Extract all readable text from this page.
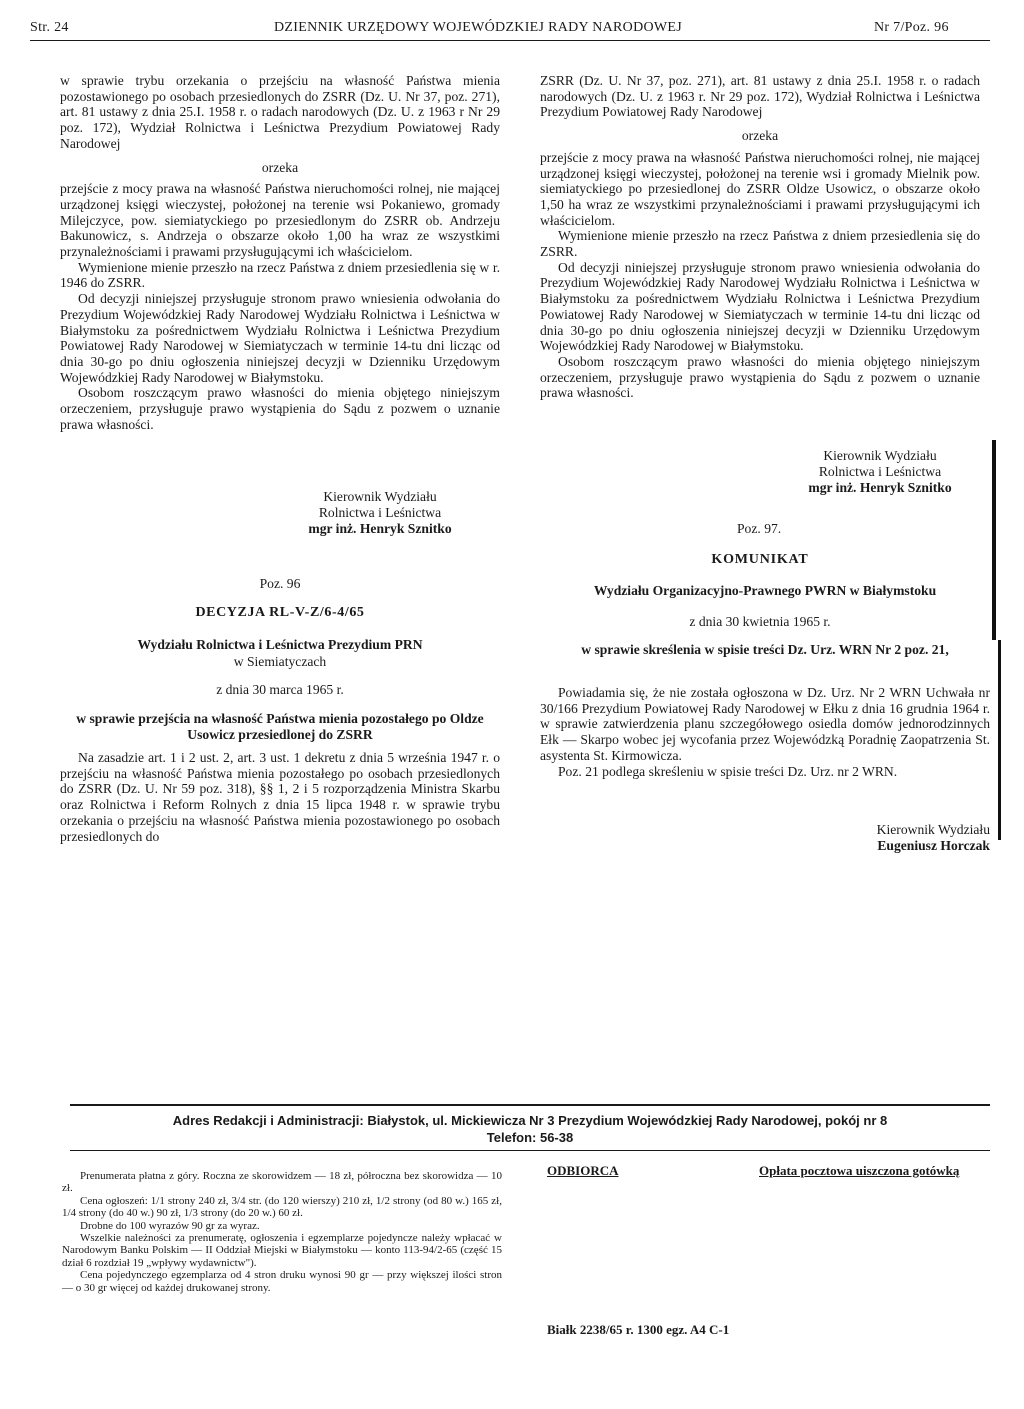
Str. 24	DZIENNIK URZĘDOWY WOJEWÓDZKIEJ RADY NARODOWEJ	Nr 7/Poz. 96

w sprawie trybu orzekania o przejściu na własność Państwa mienia pozostawionego po osobach przesiedlonych do ZSRR (Dz. U. Nr 37, poz. 271), art. 81 ustawy z dnia 25.I. 1958 r. o radach narodowych (Dz. U. z 1963 r Nr 29 poz. 172), Wydział Rolnictwa i Leśnictwa Prezydium Powiatowej Rady Narodowej

orzeka

przejście z mocy prawa na własność Państwa nieruchomości rolnej, nie mającej urządzonej księgi wieczystej, położonej na terenie wsi Pokaniewo, gromady Milejczyce, pow. siemiatyckiego po przesiedlonym do ZSRR ob. Andrzeju Bakunowicz, s. Andrzeja o obszarze około 1,00 ha wraz ze wszystkimi przynależnościami i prawami przysługującymi ich właścicielom.

Wymienione mienie przeszło na rzecz Państwa z dniem przesiedlenia się w r. 1946 do ZSRR.

Od decyzji niniejszej przysługuje stronom prawo wniesienia odwołania do Prezydium Wojewódzkiej Rady Narodowej Wydziału Rolnictwa i Leśnictwa w Białymstoku za pośrednictwem Wydziału Rolnictwa i Leśnictwa Prezydium Powiatowej Rady Narodowej w Siemiatyczach w terminie 14-tu dni licząc od dnia 30-go po dniu ogłoszenia niniejszej decyzji w Dzienniku Urzędowym Wojewódzkiej Rady Narodowej w Białymstoku.

Osobom roszczącym prawo własności do mienia objętego niniejszym orzeczeniem, przysługuje prawo wystąpienia do Sądu z pozwem o uznanie prawa własności.

Kierownik Wydziału
Rolnictwa i Leśnictwa
mgr inż. Henryk Sznitko
Poz. 96
DECYZJA RL-V-Z/6-4/65
Wydziału Rolnictwa i Leśnictwa Prezydium PRN
w Siemiatyczach
z dnia 30 marca 1965 r.
w sprawie przejścia na własność Państwa mienia pozostałego po Oldze Usowicz przesiedlonej do ZSRR
Na zasadzie art. 1 i 2 ust. 2, art. 3 ust. 1 dekretu z dnia 5 września 1947 r. o przejściu na własność Państwa mienia pozostałego po osobach przesiedlonych do ZSRR (Dz. U. Nr 59 poz. 318), §§ 1, 2 i 5 rozporządzenia Ministra Skarbu oraz Rolnictwa i Reform Rolnych z dnia 15 lipca 1948 r. w sprawie trybu orzekania o przejściu na własność Państwa mienia pozostawionego po osobach przesiedlonych do

ZSRR (Dz. U. Nr 37, poz. 271), art. 81 ustawy z dnia 25.I. 1958 r. o radach narodowych (Dz. U. z 1963 r. Nr 29 poz. 172), Wydział Rolnictwa i Leśnictwa Prezydium Powiatowej Rady Narodowej

orzeka

przejście z mocy prawa na własność Państwa nieruchomości rolnej, nie mającej urządzonej księgi wieczystej, położonej na terenie wsi i gromady Mielnik pow. siemiatyckiego po przesiedlonej do ZSRR Oldze Usowicz, o obszarze około 1,50 ha wraz ze wszystkimi przynależnościami i prawami przysługującymi ich właścicielom.

Wymienione mienie przeszło na rzecz Państwa z dniem przesiedlenia się do ZSRR.

Od decyzji niniejszej przysługuje stronom prawo wniesienia odwołania do Prezydium Wojewódzkiej Rady Narodowej Wydziału Rolnictwa i Leśnictwa w Białymstoku za pośrednictwem Wydziału Rolnictwa i Leśnictwa Prezydium Powiatowej Rady Narodowej w Siemiatyczach w terminie 14-tu dni licząc od dnia 30-go po dniu ogłoszenia niniejszej decyzji w Dzienniku Urzędowym Wojewódzkiej Rady Narodowej w Białymstoku.

Osobom roszczącym prawo własności do mienia objętego niniejszym orzeczeniem, przysługuje prawo wystąpienia do Sądu z pozwem o uznanie prawa własności.

Kierownik Wydziału
Rolnictwa i Leśnictwa
mgr inż. Henryk Sznitko
Poz. 97.
KOMUNIKAT
Wydziału Organizacyjno-Prawnego PWRN w Białymstoku
z dnia 30 kwietnia 1965 r.
w sprawie skreślenia w spisie treści Dz. Urz. WRN Nr 2 poz. 21,

Powiadamia się, że nie została ogłoszona w Dz. Urz. Nr 2 WRN Uchwała nr 30/166 Prezydium Powiatowej Rady Narodowej w Ełku z dnia 16 grudnia 1964 r. w sprawie zatwierdzenia planu szczegółowego osiedla domów jednorodzinnych Ełk — Skarpo wobec jej wycofania przez Wojewódzką Poradnię Zaopatrzenia St. asystenta St. Kirmowicza.

Poz. 21 podlega skreśleniu w spisie treści Dz. Urz. nr 2 WRN.

Kierownik Wydziału
Eugeniusz Horczak
Adres Redakcji i Administracji: Białystok, ul. Mickiewicza Nr 3 Prezydium Wojewódzkiej Rady Narodowej, pokój nr 8
Telefon: 56-38
Prenumerata płatna z góry. Roczna ze skorowidzem — 18 zł, półroczna bez skorowidza — 10 zł.
Cena ogłoszeń: 1/1 strony 240 zł, 3/4 str. (do 120 wierszy) 210 zł, 1/2 strony (od 80 w.) 165 zł, 1/4 strony (do 40 w.) 90 zł, 1/3 strony (do 20 w.) 60 zł.
Drobne do 100 wyrazów 90 gr za wyraz.
Wszelkie należności za prenumeratę, ogłoszenia i egzemplarze pojedyncze należy wpłacać w Narodowym Banku Polskim — II Oddział Miejski w Białymstoku — konto 113-94/2-65 (część 15 dział 6 rozdział 19 „wpływy wydawnictw").
Cena pojedynczego egzemplarza od 4 stron druku wynosi 90 gr — przy większej ilości stron — o 30 gr więcej od każdej drukowanej strony.
ODBIORCA	Opłata pocztowa uiszczona gotówką
Białk 2238/65 r. 1300 egz. A4 C-1
